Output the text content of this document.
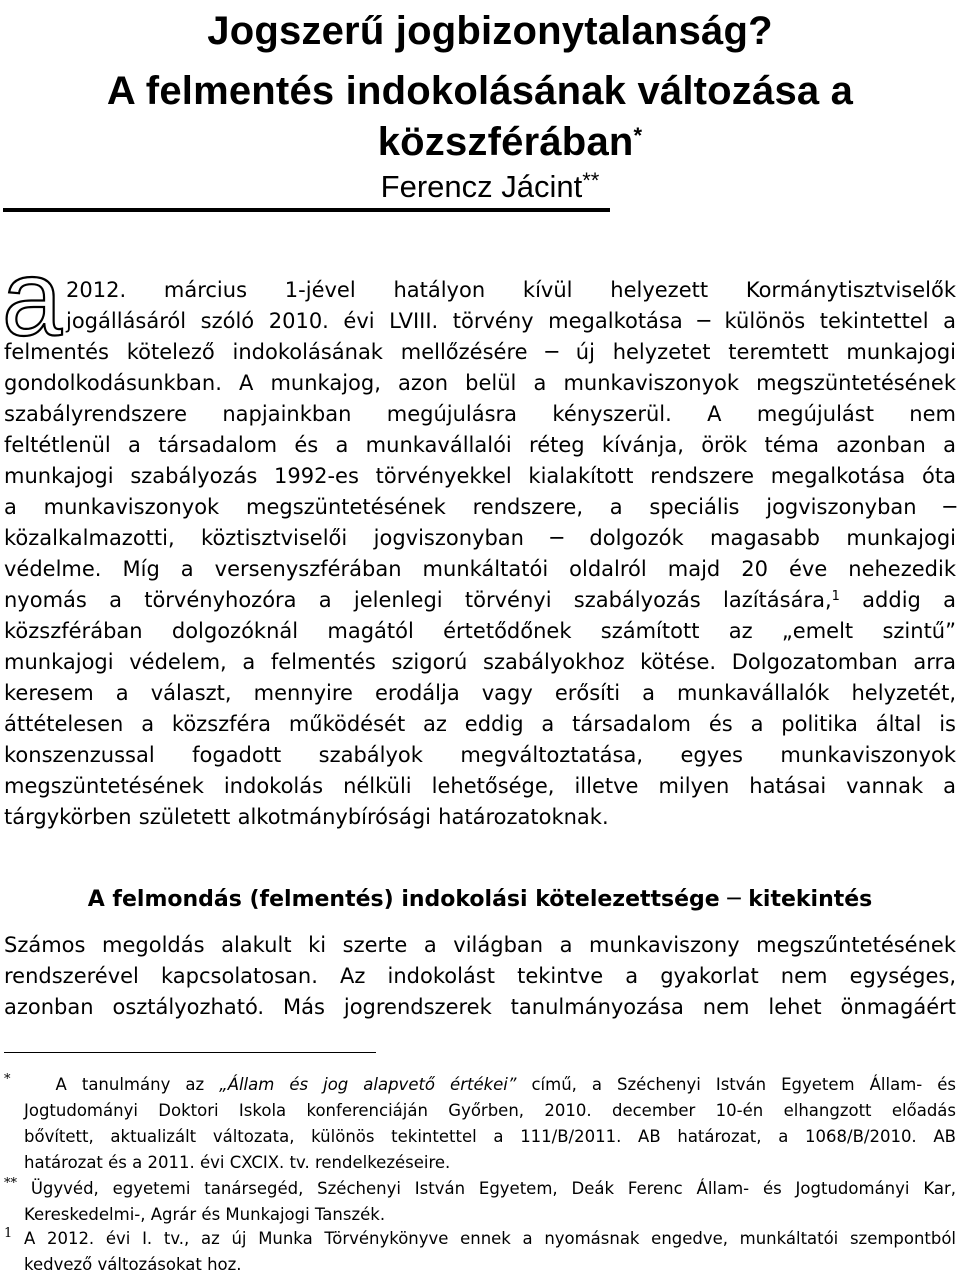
Jogszerű jogbizonytalanság?
A felmentés indokolásának változása a
közszférában*
Ferencz Jácint**
a 2012. március 1-jével hatályon kívül helyezett Kormánytisztviselők
jogállásáról szóló 2010. évi LVIII. törvény megalkotása ─ különös tekintettel a
felmentés kötelező indokolásának mellőzésére ─ új helyzetet teremtett munkajogi
gondolkodásunkban. A munkajog, azon belül a munkaviszonyok megszüntetésének
szabályrendszere napjainkban megújulásra kényszerül. A megújulást nem
feltétlenül a társadalom és a munkavállalói réteg kívánja, örök téma azonban a
munkajogi szabályozás 1992-es törvényekkel kialakított rendszere megalkotása óta
a munkaviszonyok megszüntetésének rendszere, a speciális jogviszonyban ─
közalkalmazotti, köztisztviselői jogviszonyban ─ dolgozók magasabb munkajogi
védelme. Míg a versenyszférában munkáltatói oldalról majd 20 éve nehezedik
nyomás a törvényhozóra a jelenlegi törvényi szabályozás lazítására,$^1$ addig a
közszférában dolgozóknál magától értetődőnek számított az „emelt szintű”
munkajogi védelem, a felmentés szigorú szabályokhoz kötése. Dolgozatomban arra
keresem a választ, mennyire erodálja vagy erősíti a munkavállalók helyzetét,
áttételesen a közszféra működését az eddig a társadalom és a politika által is
konszenzussal fogadott szabályok megváltoztatása, egyes munkaviszonyok
megszüntetésének indokolás nélküli lehetősége, illetve milyen hatásai vannak a
tárgykörben született alkotmánybírósági határozatoknak.
A felmondás (felmentés) indokolási kötelezettsége ─ kitekintés
Számos megoldás alakult ki szerte a világban a munkaviszony megszűntetésének
rendszerével kapcsolatosan. Az indokolást tekintve a gyakorlat nem egységes,
azonban osztályozható. Más jogrendszerek tanulmányozása nem lehet önmagáért
*	A tanulmány az „Állam és jog alapvető értékei” című, a Széchenyi István Egyetem Állam- és
Jogtudományi Doktori Iskola konferenciáján Győrben, 2010. december 10-én elhangzott előadás
bővített, aktualizált változata, különös tekintettel a 111/B/2011. AB határozat, a 1068/B/2010. AB
határozat és a 2011. évi CXCIX. tv. rendelkezéseire.
** Ügyvéd, egyetemi tanársegéd, Széchenyi István Egyetem, Deák Ferenc Állam- és Jogtudományi Kar,
Kereskedelmi-, Agrár és Munkajogi Tanszék.
$^1$ A 2012. évi I. tv., az új Munka Törvénykönyve ennek a nyomásnak engedve, munkáltatói szempontból
kedvező változásokat hoz.
